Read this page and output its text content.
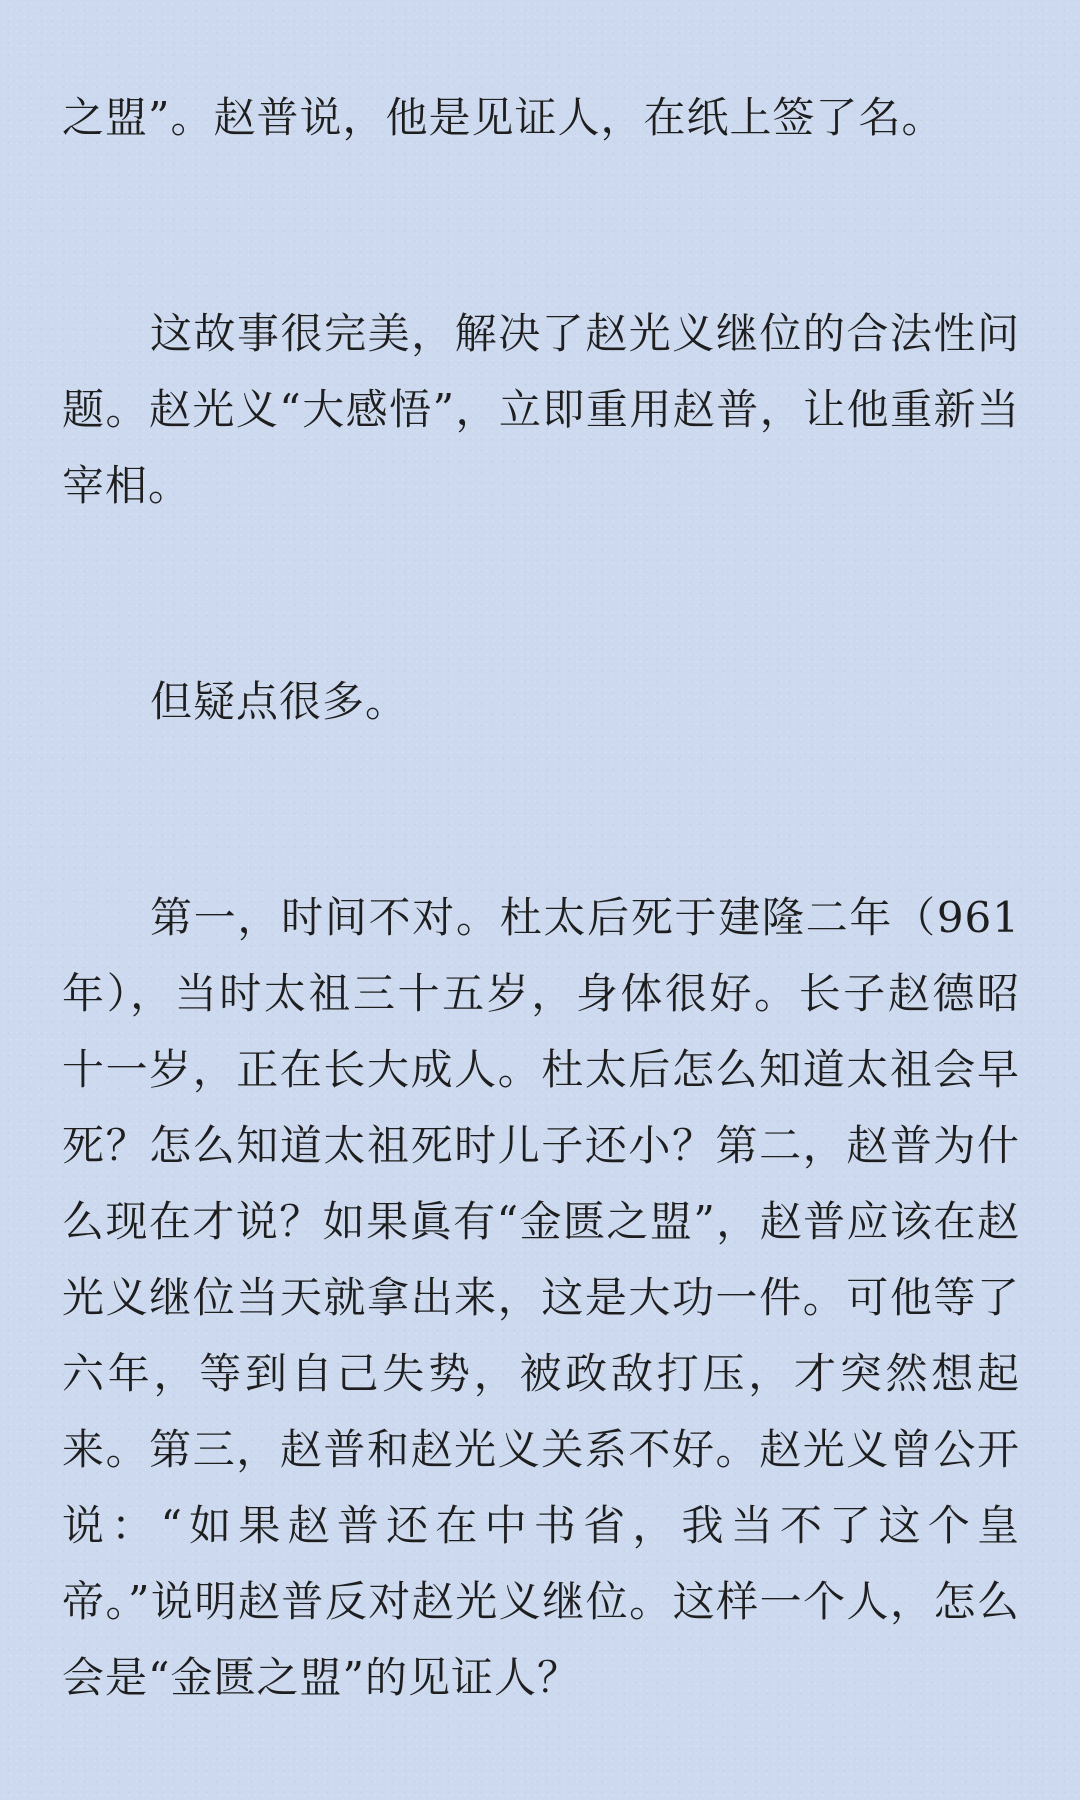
之盟”。赵普说，他是见证人，在纸上签了名。

这故事很完美，解决了赵光义继位的合法性问题。赵光义“大感悟”，立即重用赵普，让他重新当宰相。

但疑点很多。

第一，时间不对。杜太后死于建隆二年（961年），当时太祖三十五岁，身体很好。长子赵德昭十一岁，正在长大成人。杜太后怎么知道太祖会早死？怎么知道太祖死时儿子还小？第二，赵普为什么现在才说？如果眞有“金匮之盟”，赵普应该在赵光义继位当天就拿出来，这是大功一件。可他等了六年，等到自己失势，被政敌打压，才突然想起来。第三，赵普和赵光义关系不好。赵光义曾公开说：“如果赵普还在中书省，我当不了这个皇帝。”说明赵普反对赵光义继位。这样一个人，怎么会是“金匮之盟”的见证人？
